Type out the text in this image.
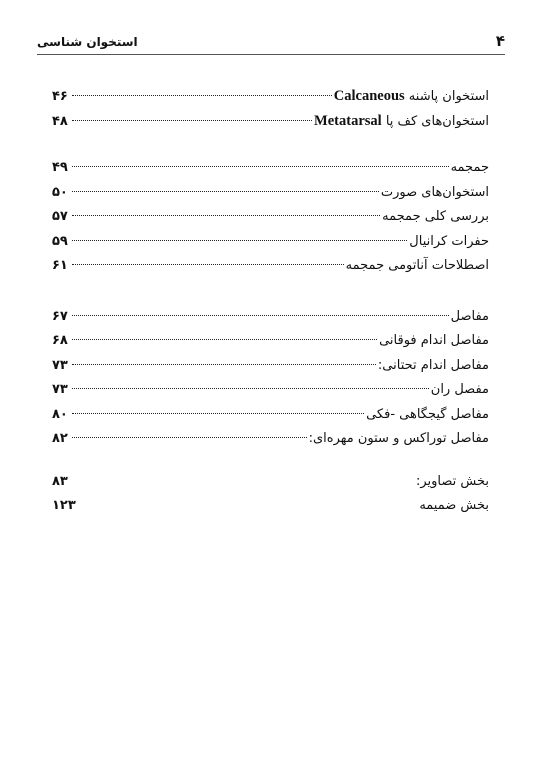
۴
استخوان شناسی
استخوان پاشنه Calcaneous
۴۶
استخوان‌های کف پا Metatarsal
۴۸
جمجمه
۴۹
استخوان‌های صورت
۵۰
بررسی کلی جمجمه
۵۷
حفرات کرانیال
۵۹
اصطلاحات آناتومی جمجمه
۶۱
مفاصل
۶۷
مفاصل اندام فوقانی
۶۸
مفاصل اندام تحتانی:
۷۳
مفصل ران
۷۳
مفاصل گیجگاهی -فکی
۸۰
مفاصل توراکس و ستون مهره‌ای:
۸۲
بخش تصاویر:
۸۳
بخش ضمیمه
۱۲۳
